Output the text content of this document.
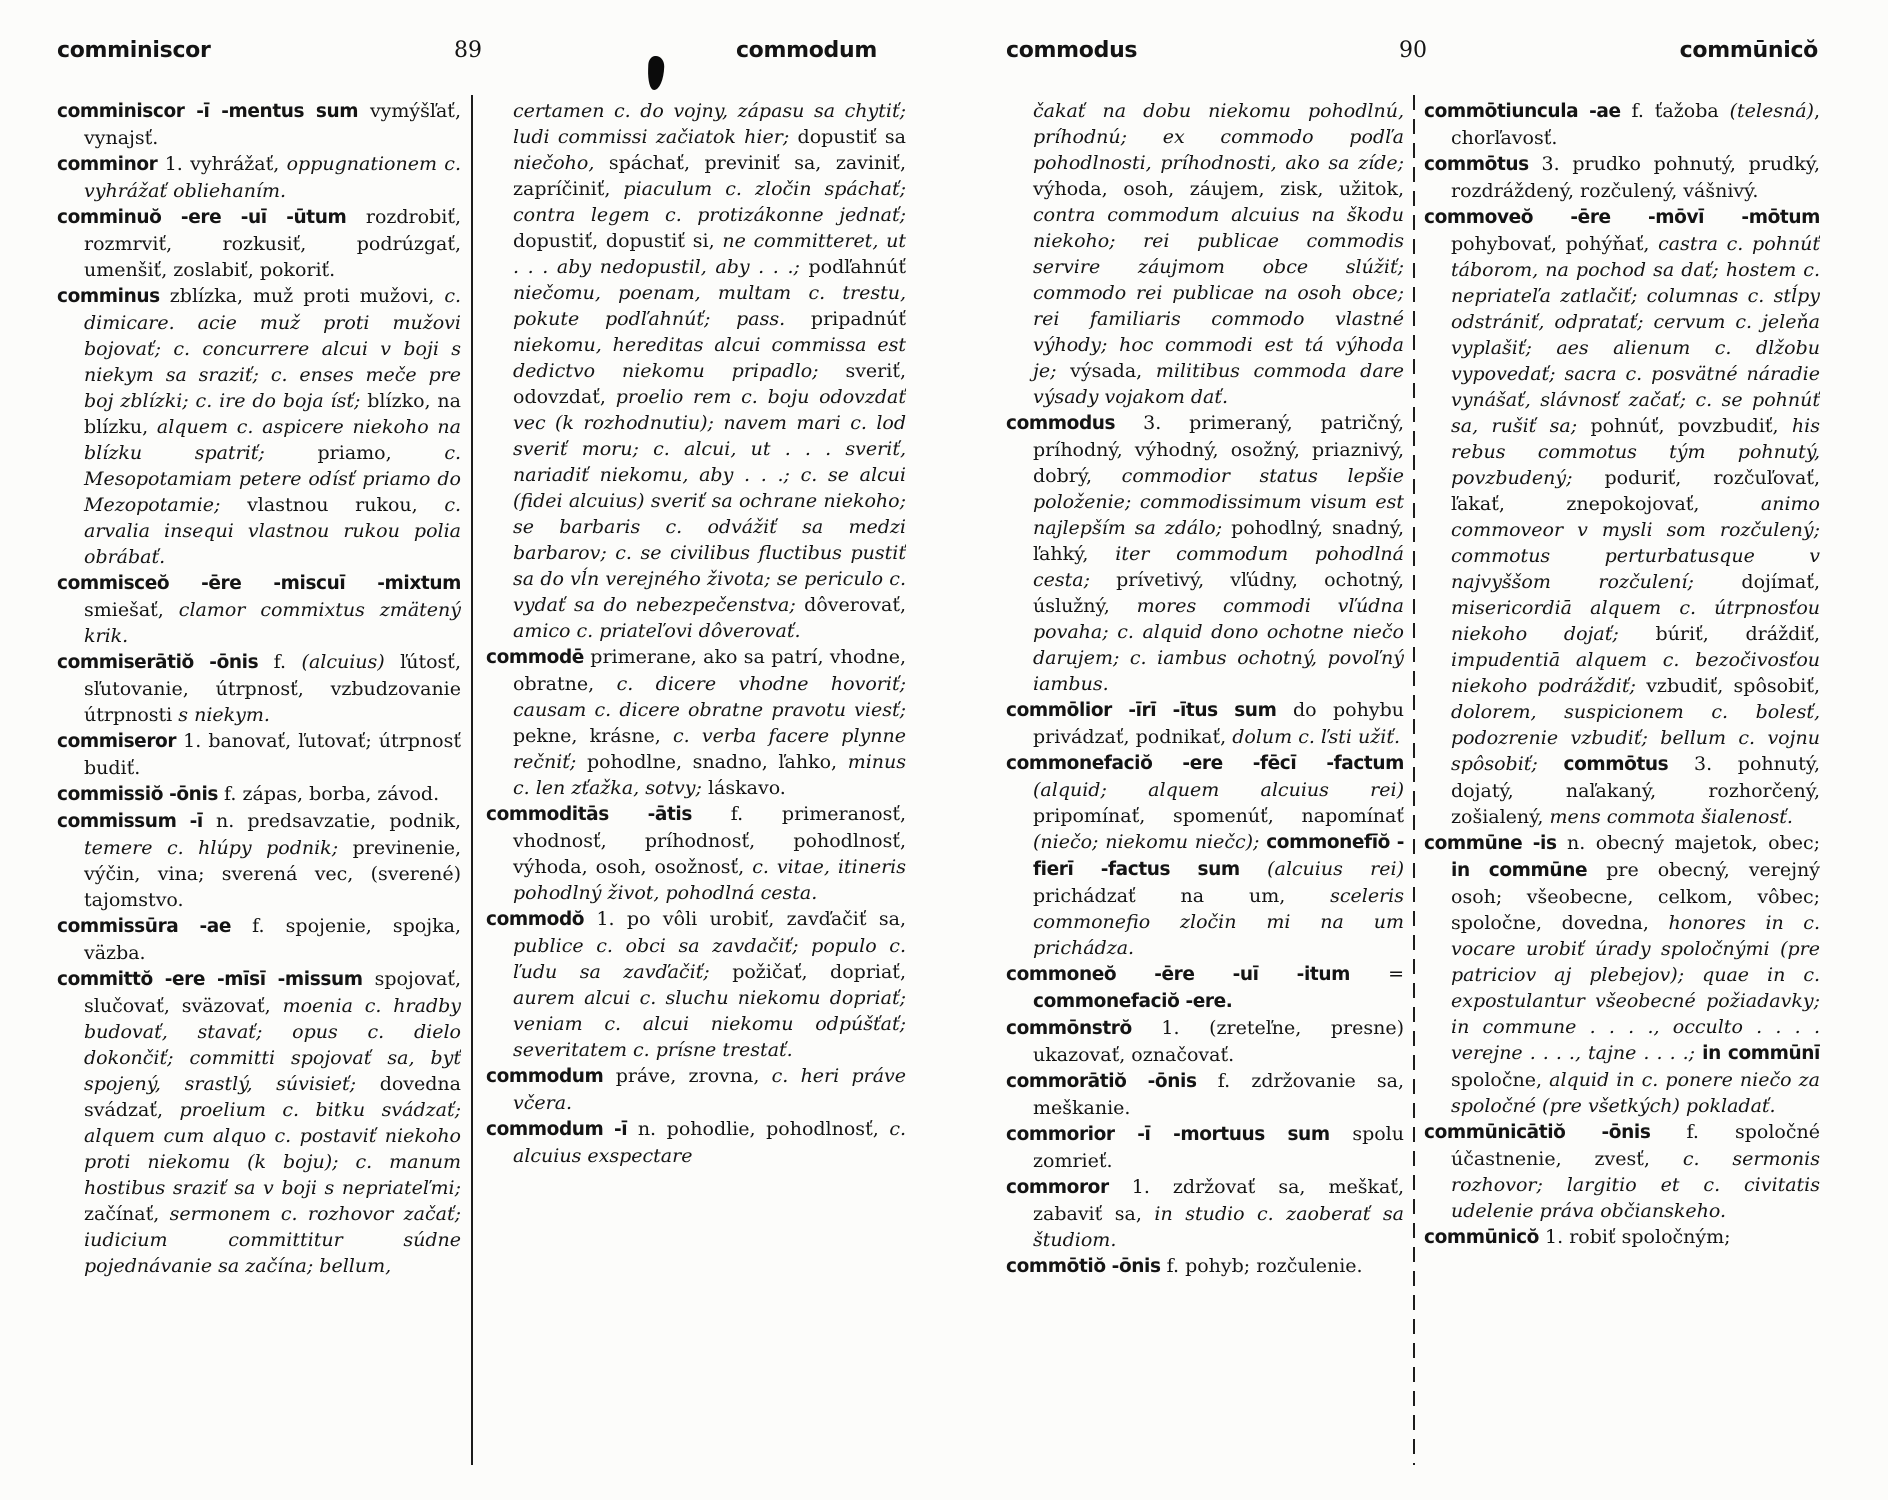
comminiscor	89	commodum	commodus	90	commūnicŏ

comminiscor -ī -mentus sum vymýšľať, vynajsť.

comminor 1. vyhrážať, oppugnationem c. vyhrážať obliehaním.

comminuŏ -ere -uī -ūtum rozdrobiť, rozmrviť, rozkusiť, podrúzgať, umenšiť, zoslabiť, pokoriť.

comminus zblízka, muž proti mužovi, c. dimicare. acie muž proti mužovi bojovať; c. concurrere alcui v boji s niekym sa sraziť; c. enses meče pre boj zblízki; c. ire do boja ísť; blízko, na blízku, alquem c. aspicere niekoho na blízku spatriť; priamo, c. Mesopotamiam petere odísť priamo do Mezopotamie; vlastnou rukou, c. arvalia insequi vlastnou rukou polia obrábať.

commisceŏ -ēre -miscuī -mixtum smiešať, clamor commixtus zmätený krik.

commiserātiŏ -ōnis f. (alcuius) ľútosť, sľutovanie, útrpnosť, vzbudzovanie útrpnosti s niekym.

commiseror 1. banovať, ľutovať; útrpnosť budiť.

commissiŏ -ōnis f. zápas, borba, závod.

commissum -ī n. predsavzatie, podnik, temere c. hlúpy podnik; previnenie, výčin, vina; sverená vec, (sverené) tajomstvo.

commissūra -ae f. spojenie, spojka, väzba.

committŏ -ere -mīsī -missum spojovať, slučovať, sväzovať, moenia c. hradby budovať, stavať; opus c. dielo dokončiť; committi spojovať sa, byť spojený, srastlý, súvisieť; dovedna svádzať, proelium c. bitku svádzať; alquem cum alquo c. postaviť niekoho proti niekomu (k boju); c. manum hostibus sraziť sa v boji s nepriateľmi; začínať, sermonem c. rozhovor začať; iudicium committitur súdne pojednávanie sa začína; bellum,

certamen c. do vojny, zápasu sa chytiť; ludi commissi začiatok hier; dopustiť sa niečoho, spáchať, previniť sa, zaviniť, zapríčiniť, piaculum c. zločin spáchať; contra legem c. protizákonne jednať; dopustiť, dopustiť si, ne committeret, ut . . . aby nedopustil, aby . . .; podľahnúť niečomu, poenam, multam c. trestu, pokute podľahnúť; pass. pripadnúť niekomu, hereditas alcui commissa est dedictvo niekomu pripadlo; sveriť, odovzdať, proelio rem c. boju odovzdať vec (k rozhodnutiu); navem mari c. loď sveriť moru; c. alcui, ut . . . sveriť, nariadiť niekomu, aby . . .; c. se alcui (fidei alcuius) sveriť sa ochrane niekoho; se barbaris c. odvážiť sa medzi barbarov; c. se civilibus fluctibus pustiť sa do vĺn verejného života; se periculo c. vydať sa do nebezpečenstva; dôverovať, amico c. priateľovi dôverovať.

commodē primerane, ako sa patrí, vhodne, obratne, c. dicere vhodne hovoriť; causam c. dicere obratne pravotu viesť; pekne, krásne, c. verba facere plynne rečniť; pohodlne, snadno, ľahko, minus c. len zťažka, sotvy; láskavo.

commoditās -ātis f. primeranosť, vhodnosť, príhodnosť, pohodlnosť, výhoda, osoh, osožnosť, c. vitae, itineris pohodlný život, pohodlná cesta.

commodŏ 1. po vôli urobiť, zavďačiť sa, publice c. obci sa zavdačiť; populo c. ľudu sa zavďačiť; požičať, dopriať, aurem alcui c. sluchu niekomu dopriať; veniam c. alcui niekomu odpúšťať; severitatem c. prísne trestať.

commodum práve, zrovna, c. heri práve včera.

commodum -ī n. pohodlie, pohodlnosť, c. alcuius exspectare

čakať na dobu niekomu pohodlnú, príhodnú; ex commodo podľa pohodlnosti, príhodnosti, ako sa zíde; výhoda, osoh, záujem, zisk, užitok, contra commodum alcuius na škodu niekoho; rei publicae commodis servire záujmom obce slúžiť; commodo rei publicae na osoh obce; rei familiaris commodo vlastné výhody; hoc commodi est tá výhoda je; výsada, militibus commoda dare výsady vojakom dať.

commodus 3. primeraný, patričný, príhodný, výhodný, osožný, priaznivý, dobrý, commodior status lepšie položenie; commodissimum visum est najlepším sa zdálo; pohodlný, snadný, ľahký, iter commodum pohodlná cesta; prívetivý, vľúdny, ochotný, úslužný, mores commodi vľúdna povaha; c. alquid dono ochotne niečo darujem; c. iambus ochotný, povoľný iambus.

commōlior -īrī -ītus sum do pohybu privádzať, podnikať, dolum c. ľsti užiť.

commonefaciŏ -ere -fēcī -factum (alquid; alquem alcuius rei) pripomínať, spomenúť, napomínať (niečo; niekomu niečc); commonefīŏ -fierī -factus sum (alcuius rei) prichádzať na um, sceleris commonefio zločin mi na um prichádza.

commoneŏ -ēre -uī -itum = commonefaciŏ -ere.

commōnstrŏ 1. (zreteľne, presne) ukazovať, označovať.

commorātiŏ -ōnis f. zdržovanie sa, meškanie.

commorior -ī -mortuus sum spolu zomrieť.

commoror 1. zdržovať sa, meškať, zabaviť sa, in studio c. zaoberať sa študiom.

commōtiŏ -ōnis f. pohyb; rozčulenie.

commōtiuncula -ae f. ťažoba (telesná), chorľavosť.

commōtus 3. prudko pohnutý, prudký, rozdráždený, rozčulený, vášnivý.

commoveŏ -ēre -mōvī -mōtum pohybovať, pohýňať, castra c. pohnúť táborom, na pochod sa dať; hostem c. nepriateľa zatlačiť; columnas c. stĺpy odstrániť, odpratať; cervum c. jeleňa vyplašiť; aes alienum c. dlžobu vypovedať; sacra c. posvätné náradie vynášať, slávnosť začať; c. se pohnúť sa, rušiť sa; pohnúť, povzbudiť, his rebus commotus tým pohnutý, povzbudený; poduriť, rozčuľovať, ľakať, znepokojovať, animo commoveor v mysli som rozčulený; commotus perturbatusque v najvyššom rozčulení; dojímať, misericordiā alquem c. útrpnosťou niekoho dojať; búriť, dráždiť, impudentiā alquem c. bezočivosťou niekoho podráždiť; vzbudiť, spôsobiť, dolorem, suspicionem c. bolesť, podozrenie vzbudiť; bellum c. vojnu spôsobiť; commōtus 3. pohnutý, dojatý, naľakaný, rozhorčený, zošialený, mens commota šialenosť.

commūne -is n. obecný majetok, obec; in commūne pre obecný, verejný osoh; všeobecne, celkom, vôbec; spoločne, dovedna, honores in c. vocare urobiť úrady spoločnými (pre patriciov aj plebejov); quae in c. expostulantur všeobecné požiadavky; in commune . . . ., occulto . . . . verejne . . . ., tajne . . . .; in commūnī spoločne, alquid in c. ponere niečo za spoločné (pre všetkých) pokladať.

commūnicātiŏ -ōnis f. spoločné účastnenie, zvesť, c. sermonis rozhovor; largitio et c. civitatis udelenie práva občianskeho.

commūnicŏ 1. robiť spoločným;
